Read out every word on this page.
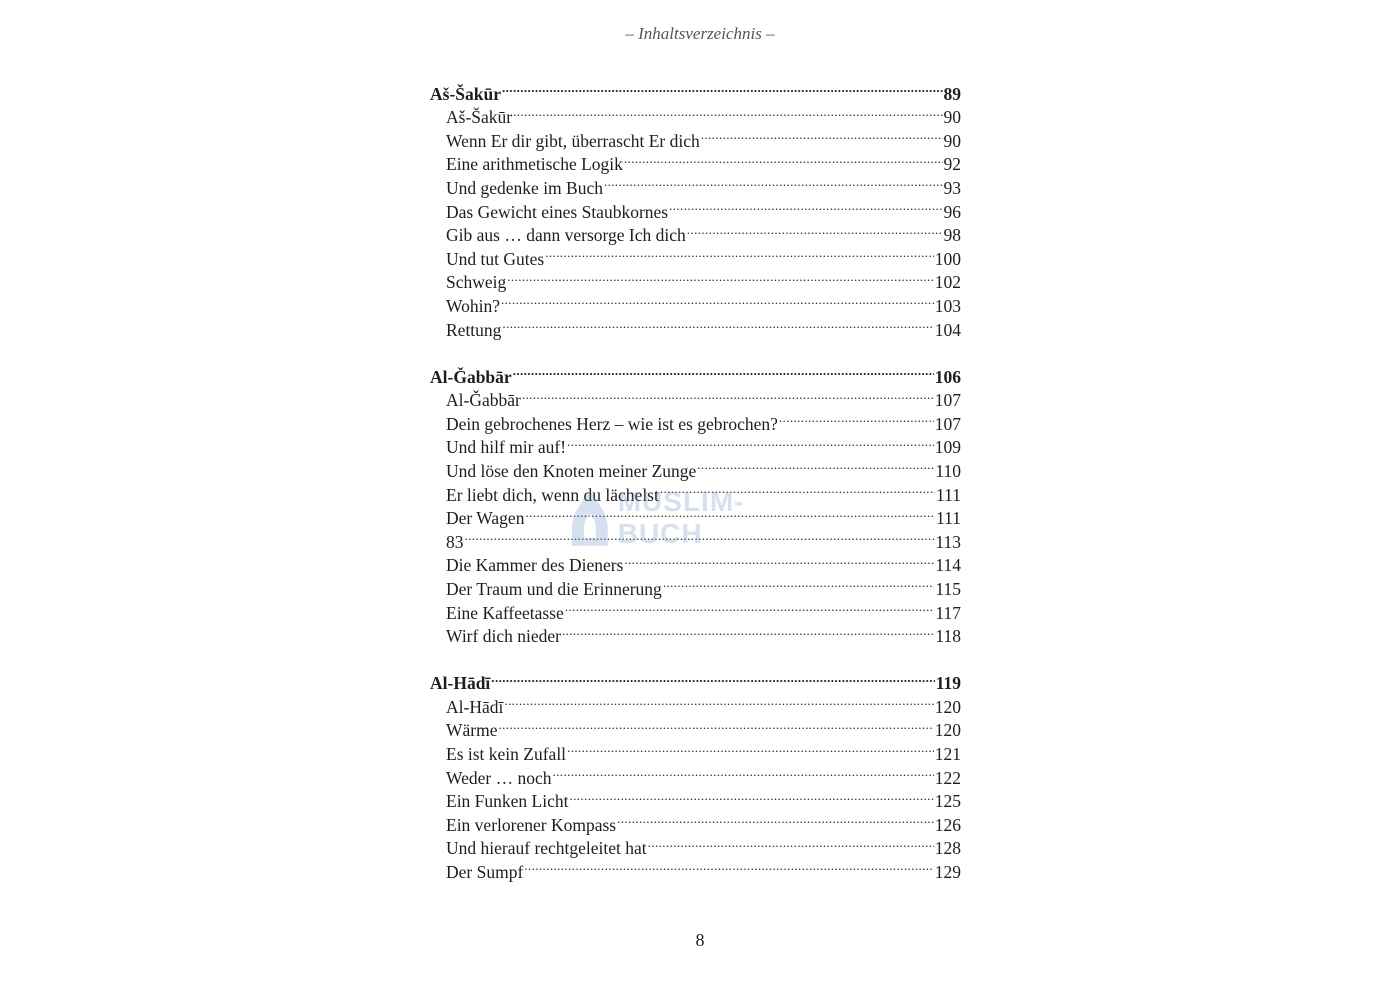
– Inhaltsverzeichnis –
Aš-Šakūr .....	89
Aš-Šakūr .....	90
Wenn Er dir gibt, überrascht Er dich .....	90
Eine arithmetische Logik .....	92
Und gedenke im Buch .....	93
Das Gewicht eines Staubkornes .....	96
Gib aus … dann versorge Ich dich .....	98
Und tut Gutes .....	100
Schweig .....	102
Wohin? .....	103
Rettung .....	104
Al-Ǧabbār .....	106
Al-Ǧabbār .....	107
Dein gebrochenes Herz – wie ist es gebrochen? .....	107
Und hilf mir auf! .....	109
Und löse den Knoten meiner Zunge .....	110
Er liebt dich, wenn du lächelst .....	111
Der Wagen .....	111
83 .....	113
Die Kammer des Dieners .....	114
Der Traum und die Erinnerung .....	115
Eine Kaffeetasse .....	117
Wirf dich nieder .....	118
Al-Hādī .....	119
Al-Hādī .....	120
Wärme .....	120
Es ist kein Zufall .....	121
Weder … noch .....	122
Ein Funken Licht .....	125
Ein verlorener Kompass .....	126
Und hierauf rechtgeleitet hat .....	128
Der Sumpf .....	129
MUSLIM-BUCH
8
